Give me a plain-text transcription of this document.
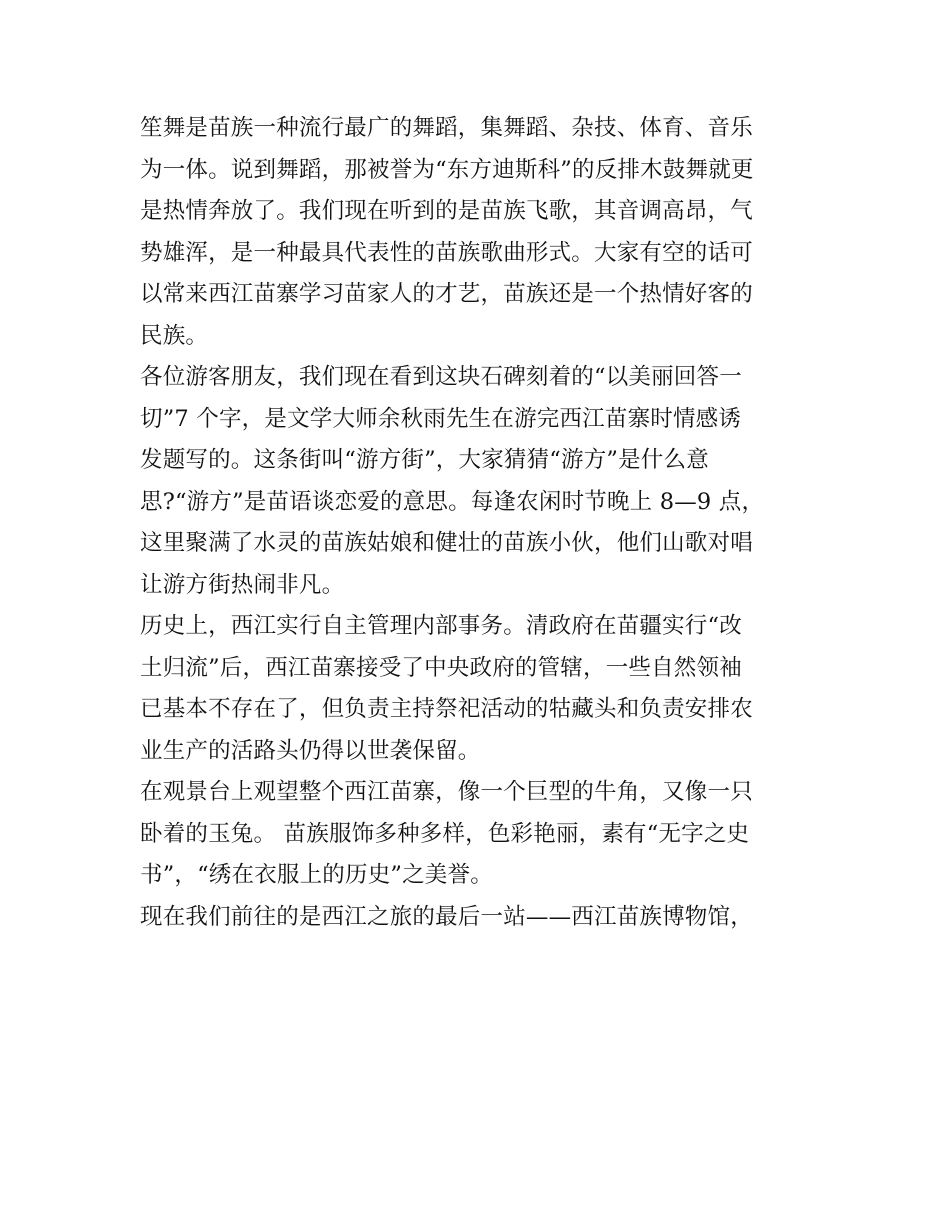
笙舞是苗族一种流行最广的舞蹈，集舞蹈、杂技、体育、音乐
为一体。说到舞蹈，那被誉为“东方迪斯科”的反排木鼓舞就更
是热情奔放了。我们现在听到的是苗族飞歌，其音调高昂，气
势雄浑，是一种最具代表性的苗族歌曲形式。大家有空的话可
以常来西江苗寨学习苗家人的才艺，苗族还是一个热情好客的
民族。
各位游客朋友，我们现在看到这块石碑刻着的“以美丽回答一
切”7 个字，是文学大师余秋雨先生在游完西江苗寨时情感诱
发题写的。这条街叫“游方街”，大家猜猜“游方”是什么意
思?“游方”是苗语谈恋爱的意思。每逢农闲时节晚上 8—9 点，
这里聚满了水灵的苗族姑娘和健壮的苗族小伙，他们山歌对唱
让游方街热闹非凡。
历史上，西江实行自主管理内部事务。清政府在苗疆实行“改
土归流”后，西江苗寨接受了中央政府的管辖，一些自然领袖
已基本不存在了，但负责主持祭祀活动的牯藏头和负责安排农
业生产的活路头仍得以世袭保留。
在观景台上观望整个西江苗寨，像一个巨型的牛角，又像一只
卧着的玉兔。 苗族服饰多种多样，色彩艳丽，素有“无字之史
书”，“绣在衣服上的历史”之美誉。
现在我们前往的是西江之旅的最后一站——西江苗族博物馆，
